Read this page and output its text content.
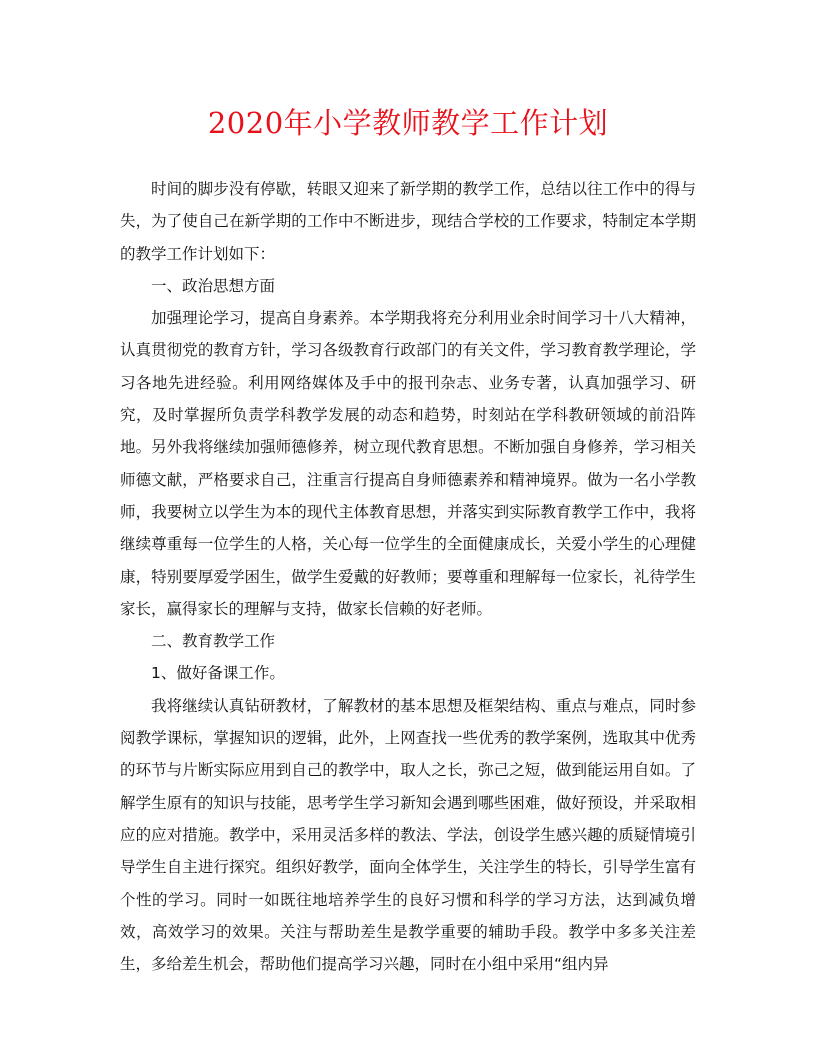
2020年小学教师教学工作计划

时间的脚步没有停歇，转眼又迎来了新学期的教学工作，总结以往工作中的得与失，为了使自己在新学期的工作中不断进步，现结合学校的工作要求，特制定本学期的教学工作计划如下：

一、政治思想方面

加强理论学习，提高自身素养。本学期我将充分利用业余时间学习十八大精神，认真贯彻党的教育方针，学习各级教育行政部门的有关文件，学习教育教学理论，学习各地先进经验。利用网络媒体及手中的报刊杂志、业务专著，认真加强学习、研究，及时掌握所负责学科教学发展的动态和趋势，时刻站在学科教研领域的前沿阵地。另外我将继续加强师德修养，树立现代教育思想。不断加强自身修养，学习相关师德文献，严格要求自己，注重言行提高自身师德素养和精神境界。做为一名小学教师，我要树立以学生为本的现代主体教育思想，并落实到实际教育教学工作中，我将继续尊重每一位学生的人格，关心每一位学生的全面健康成长，关爱小学生的心理健康，特别要厚爱学困生，做学生爱戴的好教师；要尊重和理解每一位家长，礼待学生家长，赢得家长的理解与支持，做家长信赖的好老师。

二、教育教学工作

1、做好备课工作。

我将继续认真钻研教材，了解教材的基本思想及框架结构、重点与难点，同时参阅教学课标，掌握知识的逻辑，此外，上网查找一些优秀的教学案例，选取其中优秀的环节与片断实际应用到自己的教学中，取人之长，弥己之短，做到能运用自如。了解学生原有的知识与技能，思考学生学习新知会遇到哪些困难，做好预设，并采取相应的应对措施。教学中，采用灵活多样的教法、学法，创设学生感兴趣的质疑情境引导学生自主进行探究。组织好教学，面向全体学生，关注学生的特长，引导学生富有个性的学习。同时一如既往地培养学生的良好习惯和科学的学习方法，达到减负增效，高效学习的效果。关注与帮助差生是教学重要的辅助手段。教学中多多关注差生，多给差生机会，帮助他们提高学习兴趣，同时在小组中采用“组内异
